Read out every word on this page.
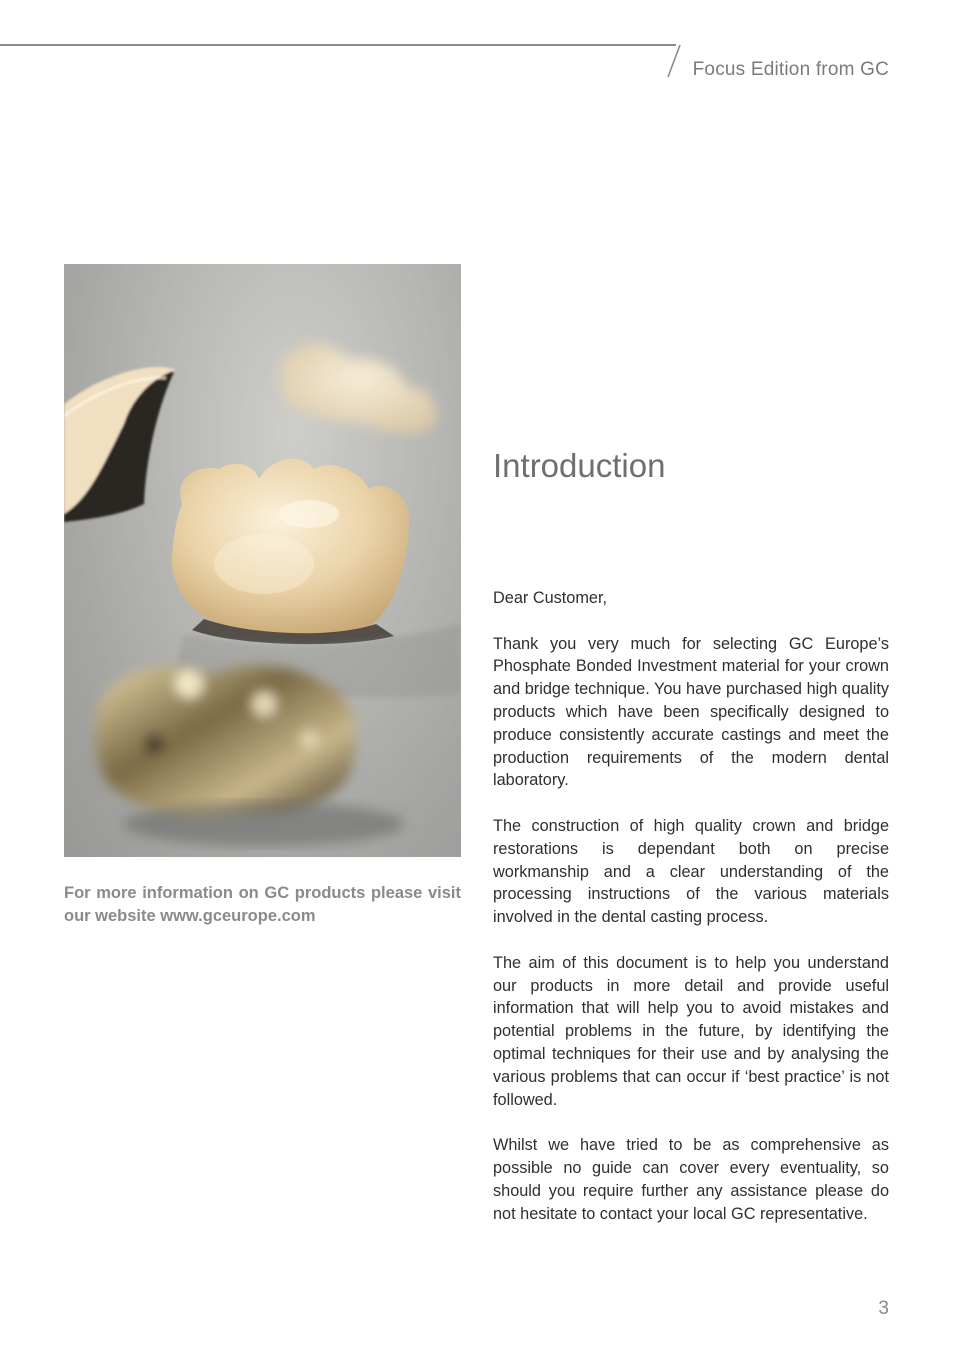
Focus Edition from GC

For more information on GC products please visit our website www.gceurope.com

Introduction

Dear Customer,

Thank you very much for selecting GC Europe’s Phosphate Bonded Investment material for your crown and bridge technique. You have purchased high quality products which have been specifically designed to produce consistently accurate castings and meet the production requirements of the modern dental laboratory.

The construction of high quality crown and bridge restorations is dependant both on precise workmanship and a clear understanding of the processing instructions of the various materials involved in the dental casting process.

The aim of this document is to help you understand our products in more detail and provide useful information that will help you to avoid mistakes and potential problems in the future, by identifying the optimal techniques for their use and by analysing the various problems that can occur if ‘best practice’ is not followed.

Whilst we have tried to be as comprehensive as possible no guide can cover every eventuality, so should you require further any assistance please do not hesitate to contact your local GC representative.

3
